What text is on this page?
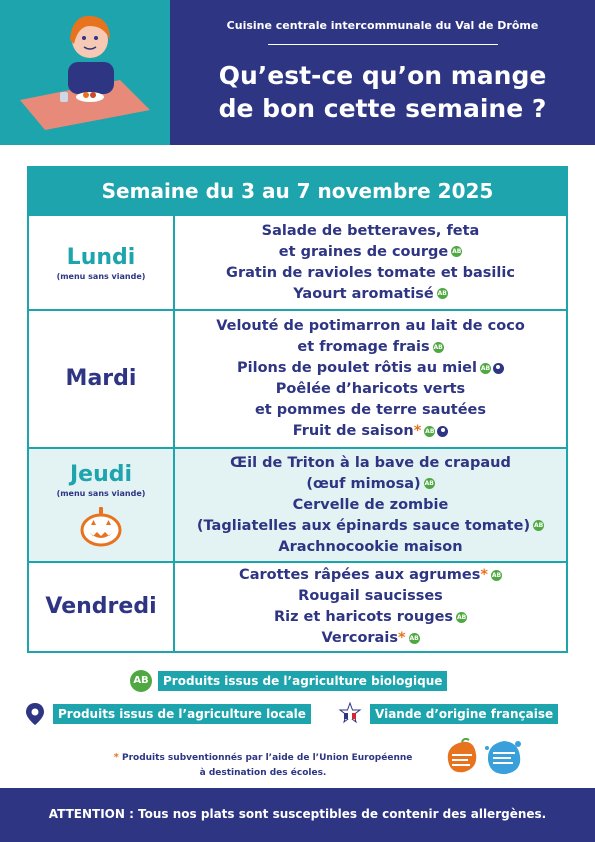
Cuisine centrale intercommunale du Val de Drôme
Qu’est-ce qu’on mange
de bon cette semaine ?
Semaine du 3 au 7 novembre 2025
Lundi
(menu sans viande)
Salade de betteraves, feta
et graines de courge AB
Gratin de ravioles tomate et basilic
Yaourt aromatisé AB
Mardi
Velouté de potimarron au lait de coco
et fromage frais AB
Pilons de poulet rôtis au miel AB
Poêlée d’haricots verts
et pommes de terre sautées
Fruit de saison* AB
Jeudi
(menu sans viande)
Œil de Triton à la bave de crapaud
(œuf mimosa) AB
Cervelle de zombie
(Tagliatelles aux épinards sauce tomate) AB
Arachnocookie maison
Vendredi
Carottes râpées aux agrumes* AB
Rougail saucisses
Riz et haricots rouges AB
Vercorais* AB
AB	Produits issus de l’agriculture biologique
Produits issus de l’agriculture locale	Viande d’origine française
* Produits subventionnés par l’aide de l’Union Européenne
à destination des écoles.
ATTENTION : Tous nos plats sont susceptibles de contenir des allergènes.
